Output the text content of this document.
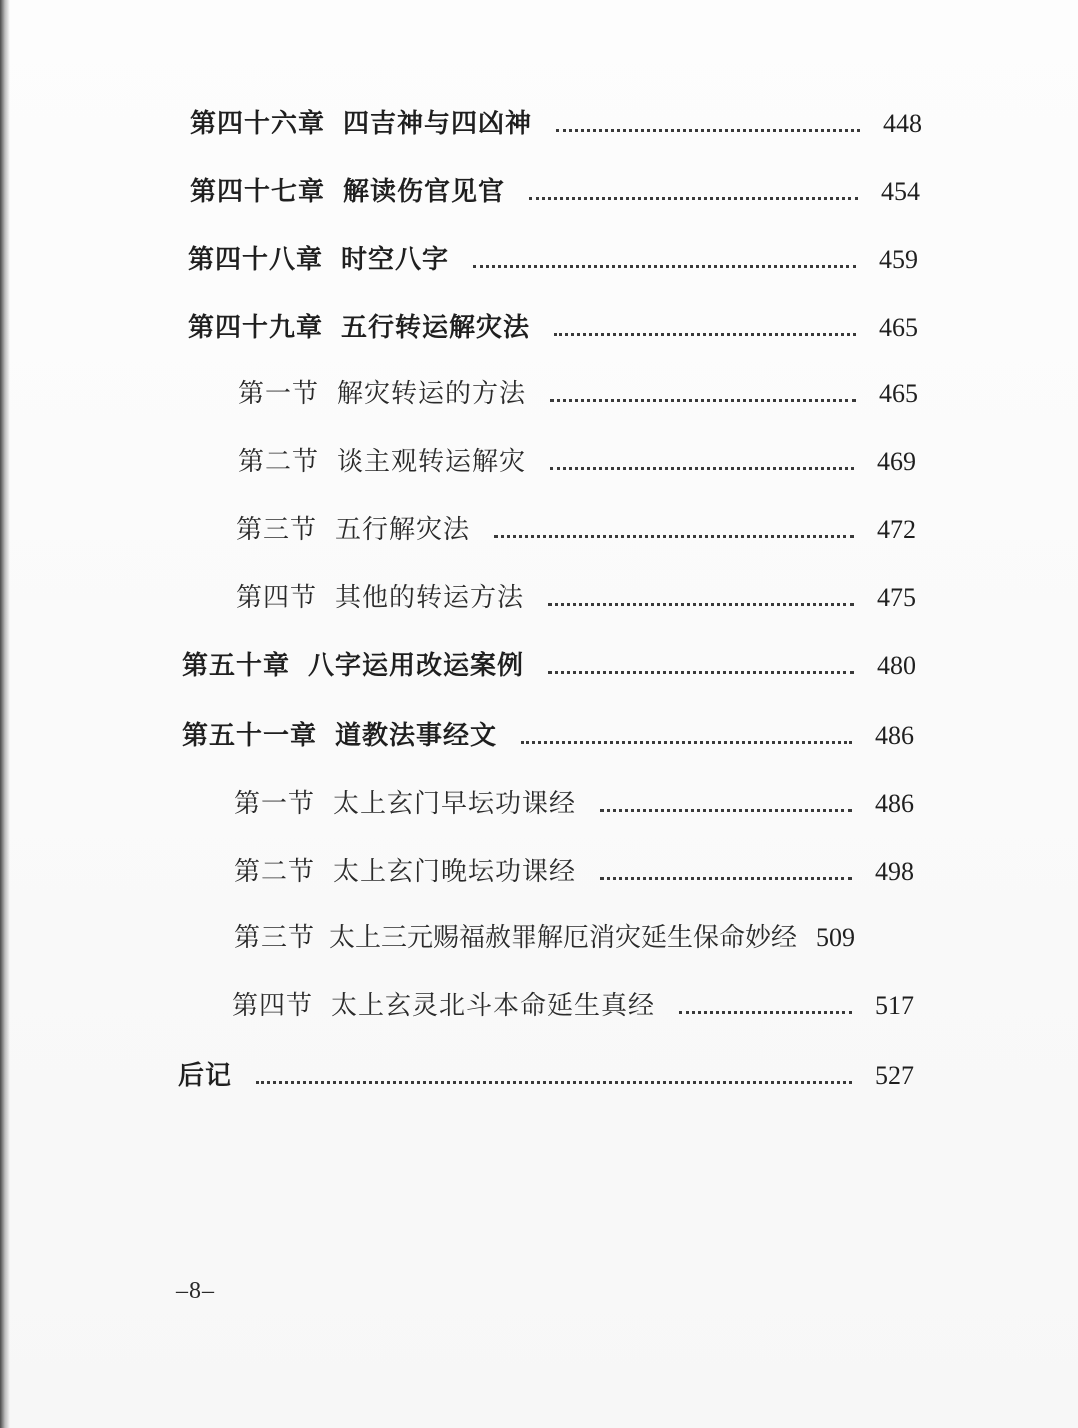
第四十六章 四吉神与四凶神	448
第四十七章 解读伤官见官	454
第四十八章 时空八字	459
第四十九章 五行转运解灾法	465
第一节 解灾转运的方法	465
第二节 谈主观转运解灾	469
第三节 五行解灾法	472
第四节 其他的转运方法	475
第五十章 八字运用改运案例	480
第五十一章 道教法事经文	486
第一节 太上玄门早坛功课经	486
第二节 太上玄门晚坛功课经	498
第三节 太上三元赐福赦罪解厄消灾延生保命妙经 509
第四节 太上玄灵北斗本命延生真经	517
后记	527
–8–
